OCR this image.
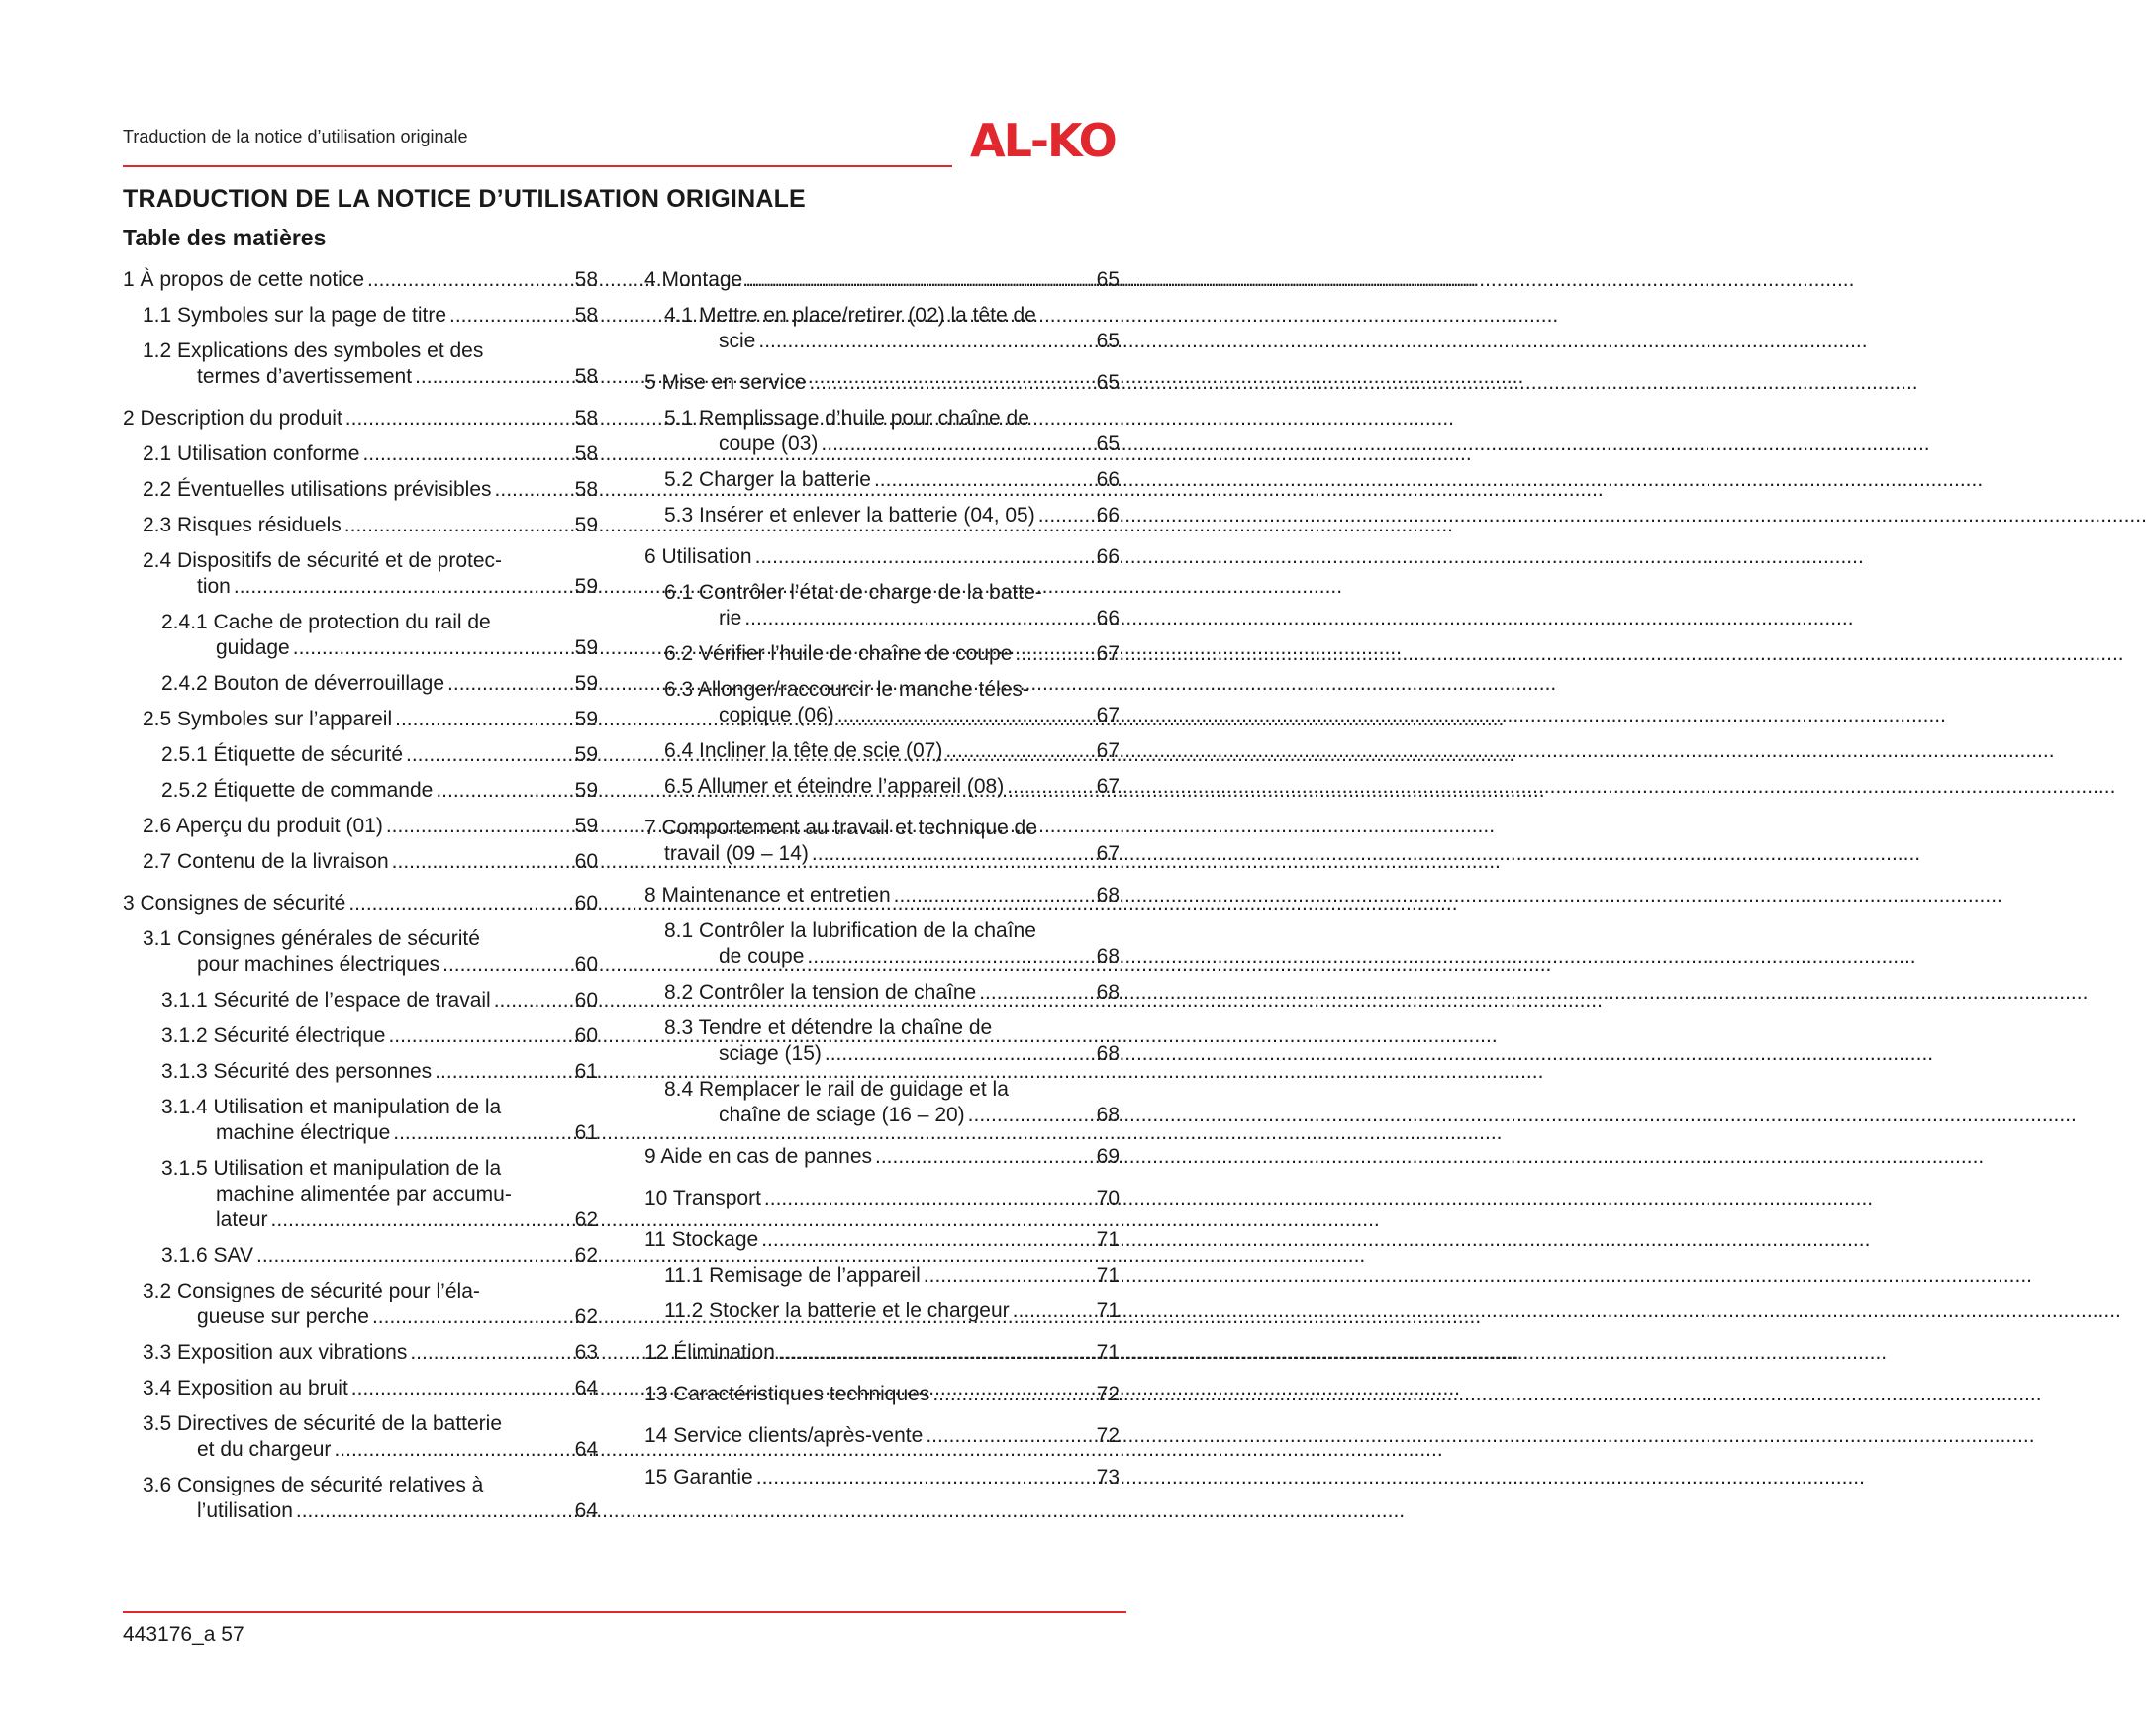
Traduction de la notice d’utilisation originale	AL-KO
TRADUCTION DE LA NOTICE D’UTILISATION ORIGINALE
Table des matières
1 À propos de cette notice .....	58
1.1 Symboles sur la page de titre .....	58
1.2 Explications des symboles et des
termes d’avertissement .....	58
2 Description du produit .....	58
2.1 Utilisation conforme .....	58
2.2 Éventuelles utilisations prévisibles .....	58
2.3 Risques résiduels .....	59
2.4 Dispositifs de sécurité et de protec-
tion .....	59
2.4.1 Cache de protection du rail de
guidage .....	59
2.4.2 Bouton de déverrouillage .....	59
2.5 Symboles sur l’appareil .....	59
2.5.1 Étiquette de sécurité .....	59
2.5.2 Étiquette de commande .....	59
2.6 Aperçu du produit (01) .....	59
2.7 Contenu de la livraison .....	60
3 Consignes de sécurité .....	60
3.1 Consignes générales de sécurité
pour machines électriques .....	60
3.1.1 Sécurité de l’espace de travail .....	60
3.1.2 Sécurité électrique .....	60
3.1.3 Sécurité des personnes .....	61
3.1.4 Utilisation et manipulation de la
machine électrique .....	61
3.1.5 Utilisation et manipulation de la
machine alimentée par accumu-
lateur .....	62
3.1.6 SAV .....	62
3.2 Consignes de sécurité pour l’éla-
gueuse sur perche .....	62
3.3 Exposition aux vibrations .....	63
3.4 Exposition au bruit .....	64
3.5 Directives de sécurité de la batterie
et du chargeur .....	64
3.6 Consignes de sécurité relatives à
l’utilisation .....	64
4 Montage .....	65
4.1 Mettre en place/retirer (02) la tête de
scie .....	65
5 Mise en service .....	65
5.1 Remplissage d’huile pour chaîne de
coupe (03) .....	65
5.2 Charger la batterie .....	66
5.3 Insérer et enlever la batterie (04, 05) .....	66
6 Utilisation .....	66
6.1 Contrôler l’état de charge de la batte-
rie .....	66
6.2 Vérifier l’huile de chaîne de coupe .....	67
6.3 Allonger/raccourcir le manche téles-
copique (06) .....	67
6.4 Incliner la tête de scie (07) .....	67
6.5 Allumer et éteindre l’appareil (08) .....	67
7 Comportement au travail et technique de
travail (09 – 14) .....	67
8 Maintenance et entretien .....	68
8.1 Contrôler la lubrification de la chaîne
de coupe .....	68
8.2 Contrôler la tension de chaîne .....	68
8.3 Tendre et détendre la chaîne de
sciage (15) .....	68
8.4 Remplacer le rail de guidage et la
chaîne de sciage (16 – 20) .....	68
9 Aide en cas de pannes .....	69
10 Transport .....	70
11 Stockage .....	71
11.1 Remisage de l’appareil .....	71
11.2 Stocker la batterie et le chargeur .....	71
12 Élimination .....	71
13 Caractéristiques techniques .....	72
14 Service clients/après-vente .....	72
15 Garantie .....	73
443176_a 57
